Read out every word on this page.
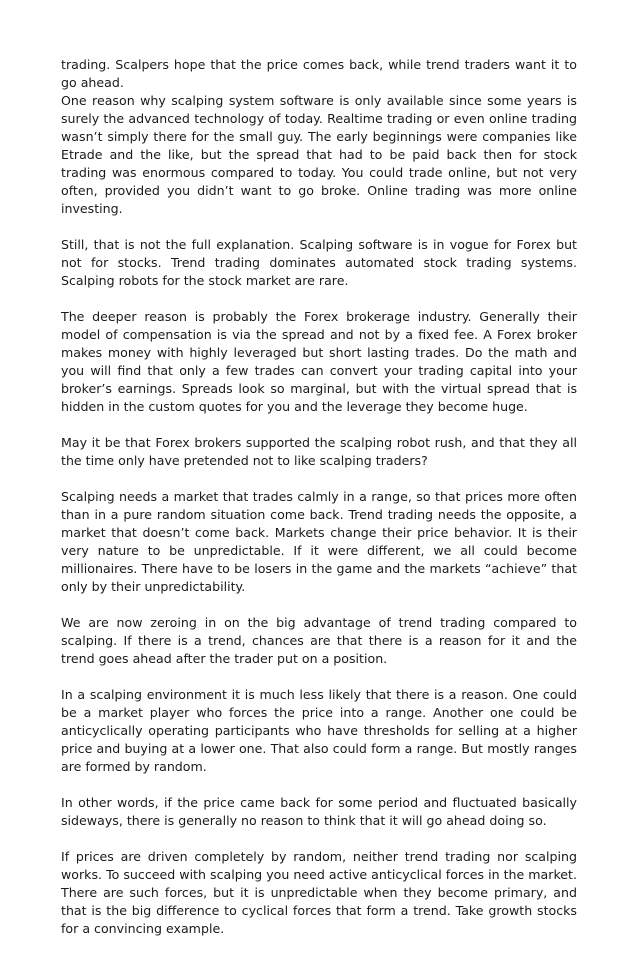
trading. Scalpers hope that the price comes back, while trend traders want it to go ahead.

One reason why scalping system software is only available since some years is surely the advanced technology of today. Realtime trading or even online trading wasn’t simply there for the small guy. The early beginnings were companies like Etrade and the like, but the spread that had to be paid back then for stock trading was enormous compared to today. You could trade online, but not very often, provided you didn’t want to go broke. Online trading was more online investing.

Still, that is not the full explanation. Scalping software is in vogue for Forex but not for stocks. Trend trading dominates automated stock trading systems. Scalping robots for the stock market are rare.

The deeper reason is probably the Forex brokerage industry. Generally their model of compensation is via the spread and not by a fixed fee. A Forex broker makes money with highly leveraged but short lasting trades. Do the math and you will find that only a few trades can convert your trading capital into your broker’s earnings. Spreads look so marginal, but with the virtual spread that is hidden in the custom quotes for you and the leverage they become huge.

May it be that Forex brokers supported the scalping robot rush, and that they all the time only have pretended not to like scalping traders?

Scalping needs a market that trades calmly in a range, so that prices more often than in a pure random situation come back. Trend trading needs the opposite, a market that doesn’t come back. Markets change their price behavior. It is their very nature to be unpredictable. If it were different, we all could become millionaires. There have to be losers in the game and the markets “achieve” that only by their unpredictability.

We are now zeroing in on the big advantage of trend trading compared to scalping. If there is a trend, chances are that there is a reason for it and the trend goes ahead after the trader put on a position.

In a scalping environment it is much less likely that there is a reason. One could be a market player who forces the price into a range. Another one could be anticyclically operating participants who have thresholds for selling at a higher price and buying at a lower one. That also could form a range. But mostly ranges are formed by random.

In other words, if the price came back for some period and fluctuated basically sideways, there is generally no reason to think that it will go ahead doing so.

If prices are driven completely by random, neither trend trading nor scalping works. To succeed with scalping you need active anticyclical forces in the market. There are such forces, but it is unpredictable when they become primary, and that is the big difference to cyclical forces that form a trend. Take growth stocks for a convincing example.
